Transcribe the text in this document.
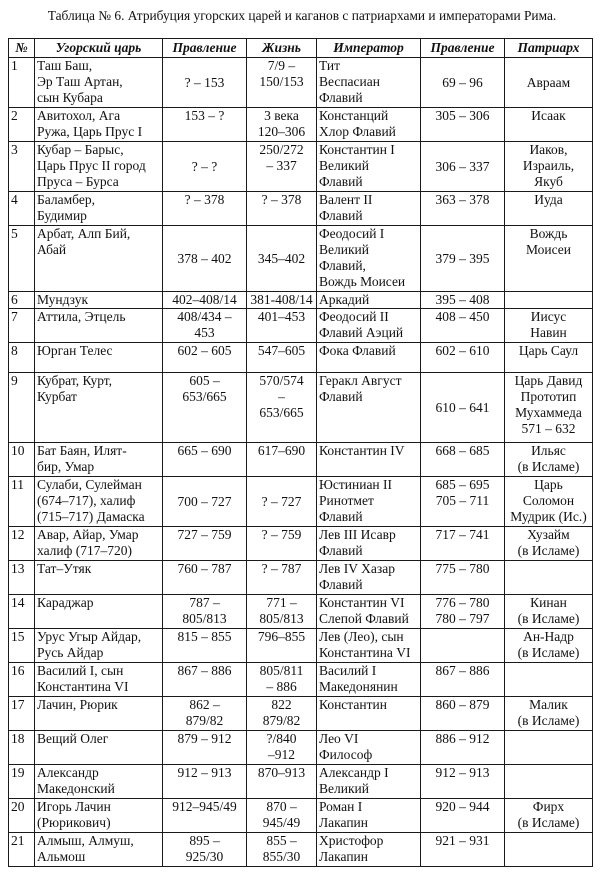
Таблица № 6. Атрибуция угорских царей и каганов с патриархами и императорами Рима.
№	Угорский царь	Правление	Жизнь	Император	Правление	Патриарх
1	Таш Баш,
Эр Таш Артан,
сын Кубара	? – 153	7/9 –
150/153	Тит
Веспасиан
Флавий	69 – 96	Авраам

2	Авитохол, Ага
Ружа, Царь Прус I	153 – ?	3 века
120–306	Констанций
Хлор Флавий	305 – 306	Исаак

3	Кубар – Барыс,
Царь Прус II город
Пруса – Бурса	? – ?	250/272
– 337	Константин I
Великий
Флавий	306 – 337	Иаков,
Израиль,
Якуб

4	Баламбер,
Будимир	? – 378	? – 378	Валент II
Флавий	363 – 378	Иуда

5	Арбат, Алп Бий,
Абай	378 – 402	345–402	Феодосий I
Великий
Флавий,
Вождь Моисеи	379 – 395	Вождь
Моисеи

6	Мундзук	402–408/14	381-408/14	Аркадий	395 – 408	

7	Аттила, Этцель	408/434 –
453	401–453	Феодосий II
Флавий Аэций	408 – 450	Иисус
Навин

8	Юрган Телес	602 – 605	547–605	Фока Флавий	602 – 610	Царь Саул

9	Кубрат, Курт,
Курбат	605 –
653/665	570/574
–
653/665	Геракл Август
Флавий	610 – 641	Царь Давид
Прототип
Мухаммеда
571 – 632

10	Бат Баян, Илят-
бир, Умар	665 – 690	617–690	Константин IV	668 – 685	Ильяс
(в Исламе)

11	Сулаби, Сулейман
(674–717), халиф
(715–717) Дамаска	700 – 727	? – 727	Юстиниан II
Ринотмет
Флавий	685 – 695
705 – 711	Царь
Соломон
Мудрик (Ис.)

12	Авар, Айар, Умар
халиф (717–720)	727 – 759	? – 759	Лев III Исавр
Флавий	717 – 741	Хузайм
(в Исламе)

13	Тат–Утяк	760 – 787	? – 787	Лев IV Хазар
Флавий	775 – 780	

14	Караджар	787 –
805/813	771 –
805/813	Константин VI
Слепой Флавий	776 – 780
780 – 797	Кинан
(в Исламе)

15	Урус Угыр Айдар,
Русь Айдар	815 – 855	796–855	Лев (Лео), сын
Константина VI		Ан-Надр
(в Исламе)

16	Василий I, сын
Константина VI	867 – 886	805/811
– 886	Василий I
Македонянин	867 – 886	

17	Лачин, Рюрик	862 –
879/82	822
879/82	Константин	860 – 879	Малик
(в Исламе)

18	Вещий Олег	879 – 912	?/840
–912	Лео VI
Философ	886 – 912	

19	Александр
Македонский	912 – 913	870–913	Александр I
Великий	912 – 913	

20	Игорь Лачин
(Рюрикович)	912–945/49	870 –
945/49	Роман I
Лакапин	920 – 944	Фирх
(в Исламе)

21	Алмыш, Алмуш,
Альмош	895 –
925/30	855 –
855/30	Христофор
Лакапин	921 – 931	
